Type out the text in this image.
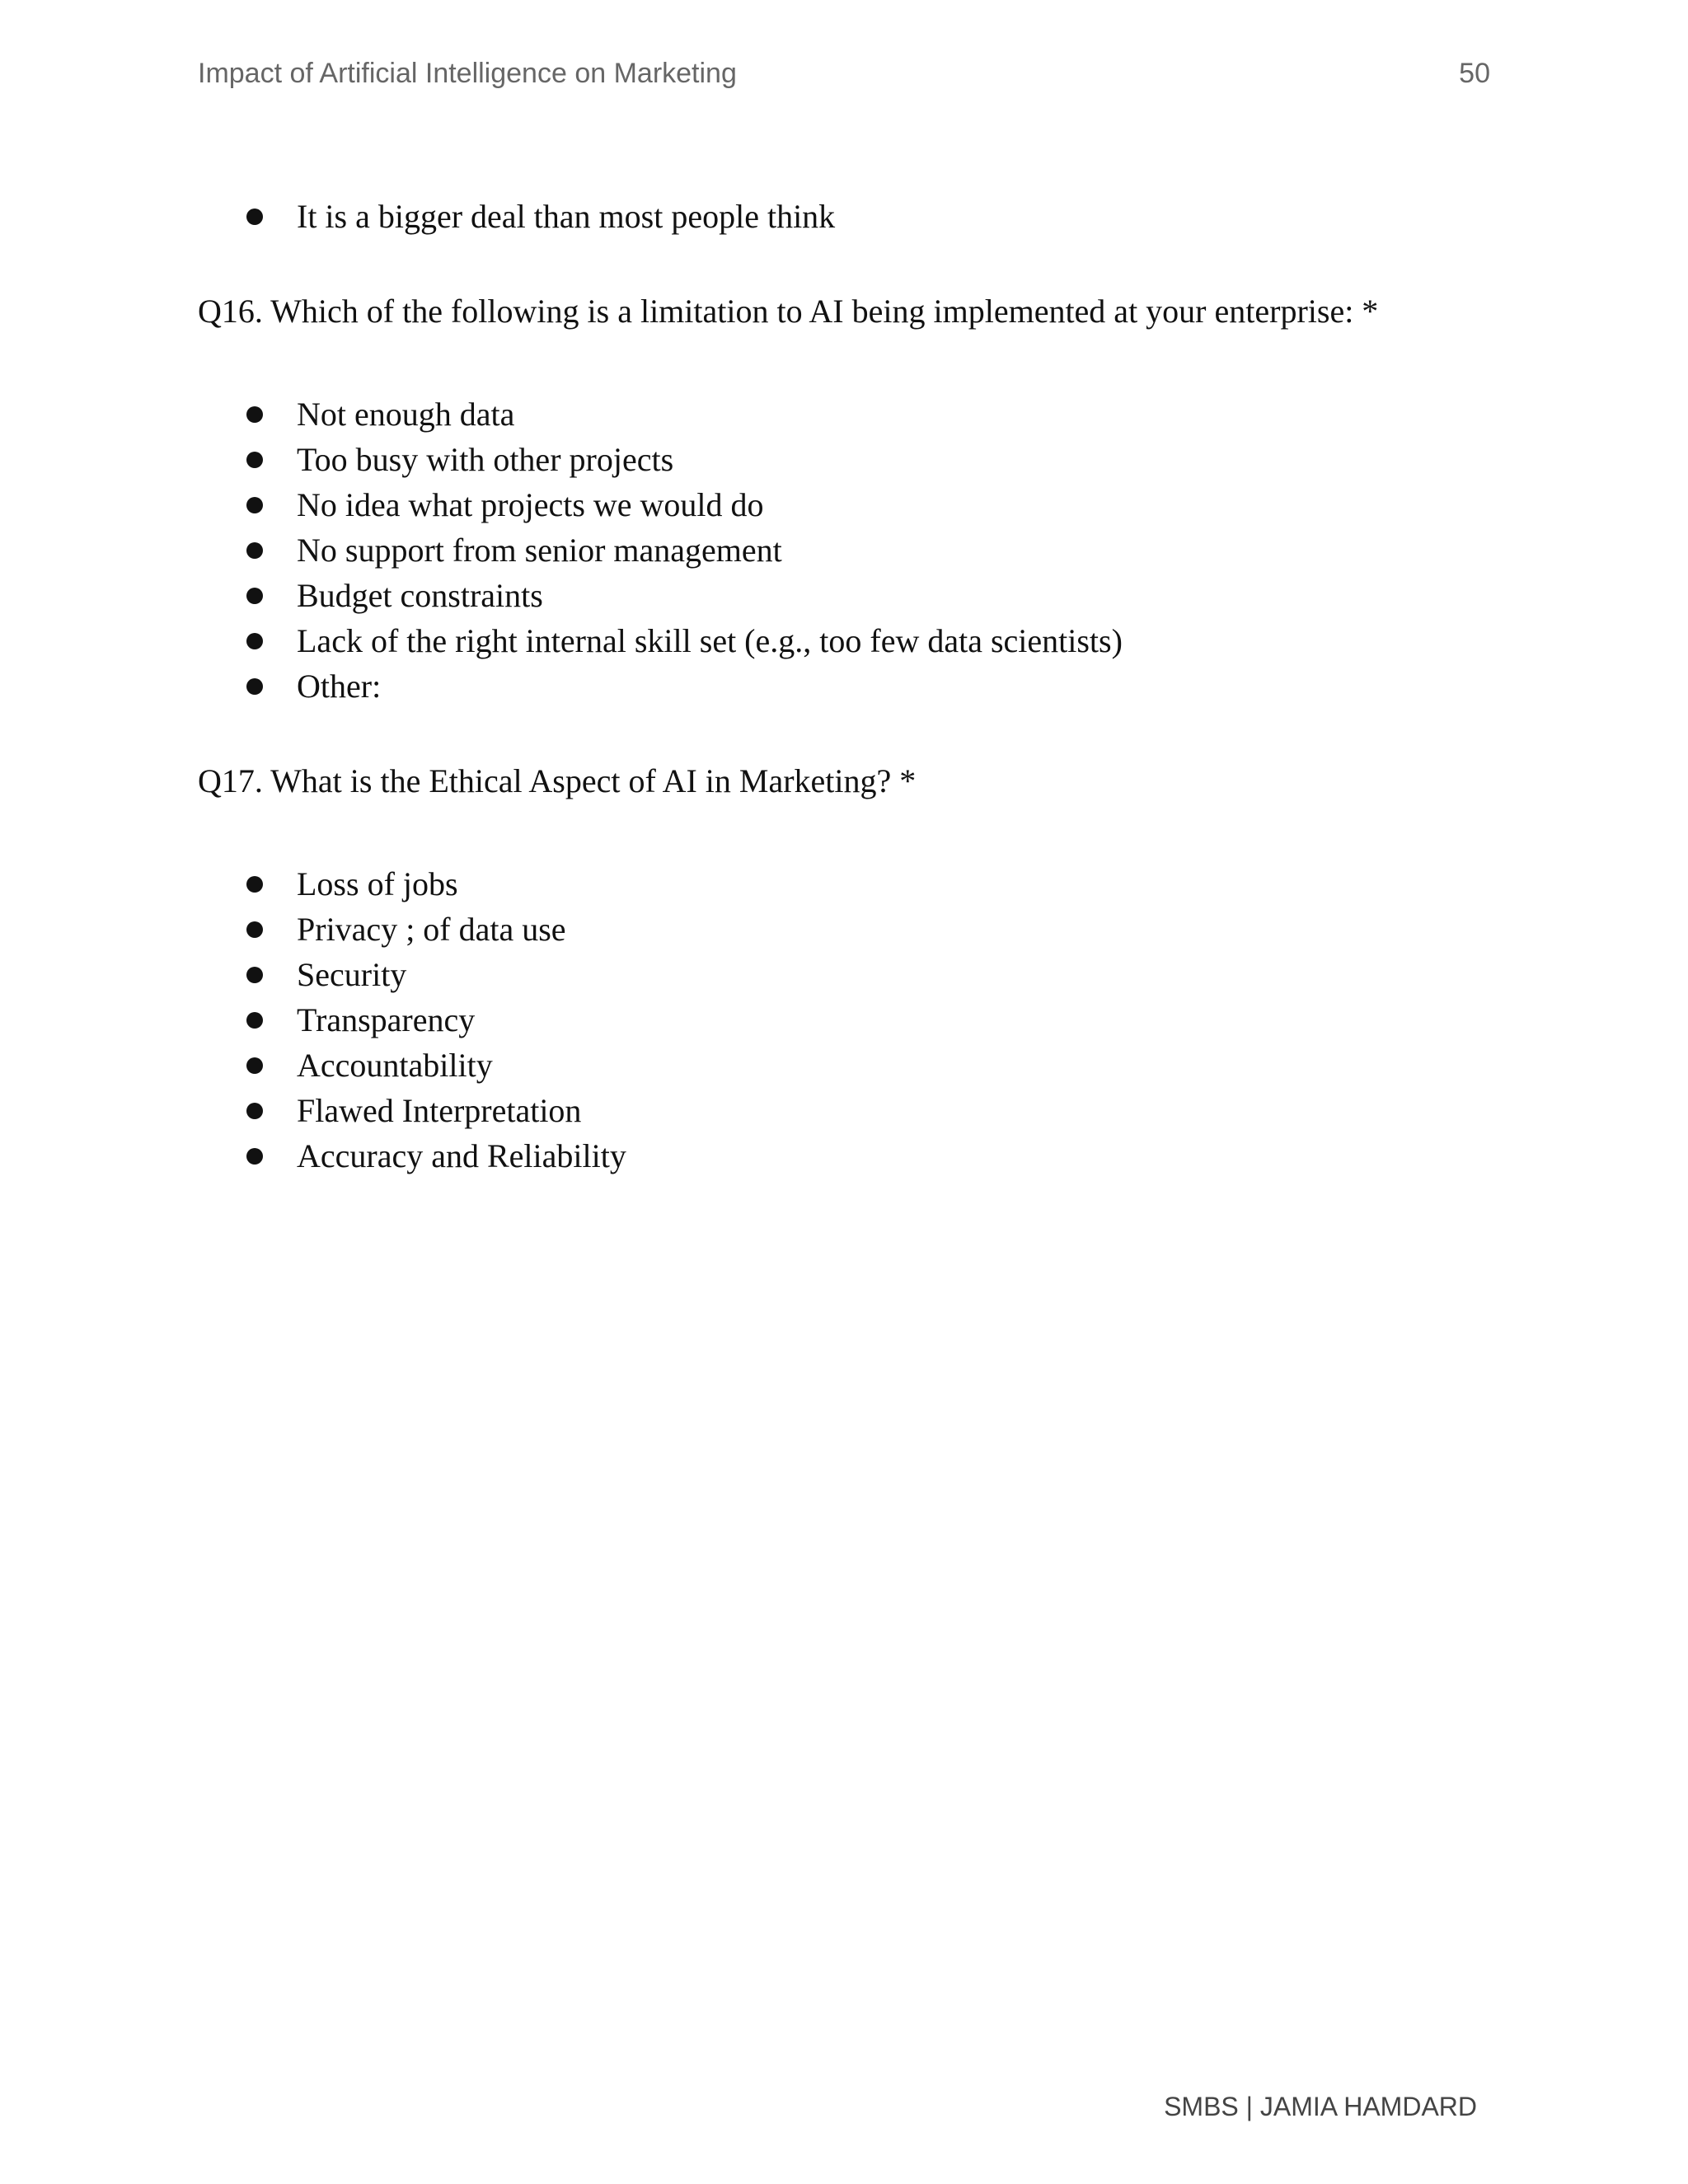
Impact of Artificial Intelligence on Marketing	50
It is a bigger deal than most people think

Q16. Which of the following is a limitation to AI being implemented at your enterprise: *

Not enough data
Too busy with other projects
No idea what projects we would do
No support from senior management
Budget constraints
Lack of the right internal skill set (e.g., too few data scientists)
Other:

Q17. What is the Ethical Aspect of AI in Marketing? *

Loss of jobs
Privacy ; of data use
Security
Transparency
Accountability
Flawed Interpretation
Accuracy and Reliability
SMBS | JAMIA HAMDARD
